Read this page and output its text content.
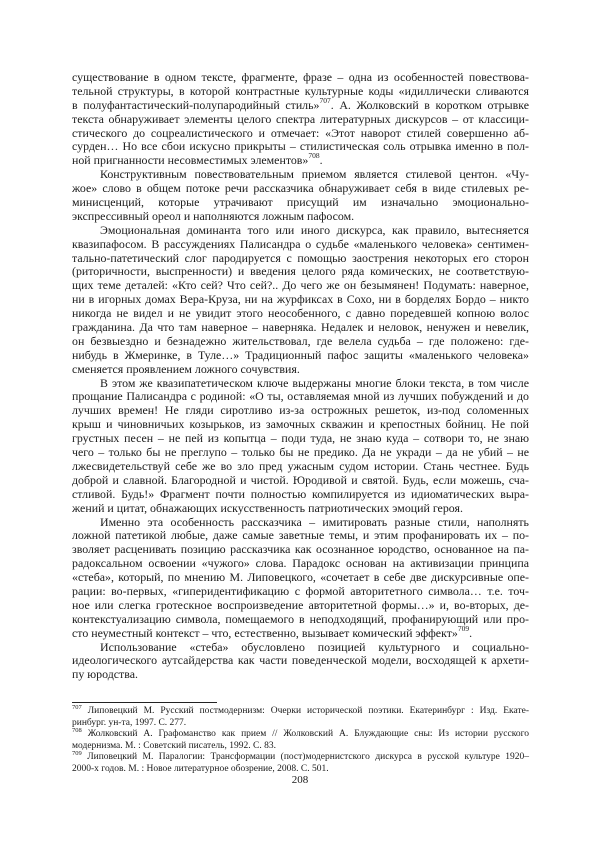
существование в одном тексте, фрагменте, фразе – одна из особенностей повествова-
тельной структуры, в которой контрастные культурные коды «идиллически сливаются
в полуфантастический-полупародийный стиль»$^{707}$. А. Жолковский в коротком отрывке
текста обнаруживает элементы целого спектра литературных дискурсов – от классици-
стического до соцреалистического и отмечает: «Этот наворот стилей совершенно аб-
сурден… Но все сбои искусно прикрыты – стилистическая соль отрывка именно в пол-
ной пригнанности несовместимых элементов»$^{708}$.
Конструктивным повествовательным приемом является стилевой центон. «Чу-
жое» слово в общем потоке речи рассказчика обнаруживает себя в виде стилевых ре-
минисценций, которые утрачивают присущий им изначально эмоционально-
экспрессивный ореол и наполняются ложным пафосом.
Эмоциональная доминанта того или иного дискурса, как правило, вытесняется
квазипафосом. В рассуждениях Палисандра о судьбе «маленького человека» сентимен-
тально-патетический слог пародируется с помощью заострения некоторых его сторон
(риторичности, выспренности) и введения целого ряда комических, не соответствую-
щих теме деталей: «Кто сей? Что сей?.. До чего же он безымянен! Подумать: наверное,
ни в игорных домах Вера-Круза, ни на журфиксах в Сохо, ни в борделях Бордо – никто
никогда не видел и не увидит этого неособенного, с давно поредевшей копною волос
гражданина. Да что там наверное – наверняка. Недалек и неловок, ненужен и невелик,
он безвыездно и безнадежно жительствовал, где велела судьба – где положено: где-
нибудь в Жмеринке, в Туле…» Традиционный пафос защиты «маленького человека»
сменяется проявлением ложного сочувствия.
В этом же квазипатетическом ключе выдержаны многие блоки текста, в том числе
прощание Палисандра с родиной: «О ты, оставляемая мной из лучших побуждений и до
лучших времен! Не гляди сиротливо из-за острожных решеток, из-под соломенных
крыш и чиновничьих козырьков, из замочных скважин и крепостных бойниц. Не пой
грустных песен – не пей из копытца – поди туда, не знаю куда – сотвори то, не знаю
чего – только бы не преглупо – только бы не предико. Да не укради – да не убий – не
лжесвидетельствуй себе же во зло пред ужасным судом истории. Стань честнее. Будь
доброй и славной. Благородной и чистой. Юродивой и святой. Будь, если можешь, сча-
стливой. Будь!» Фрагмент почти полностью компилируется из идиоматических выра-
жений и цитат, обнажающих искусственность патриотических эмоций героя.
Именно эта особенность рассказчика – имитировать разные стили, наполнять
ложной патетикой любые, даже самые заветные темы, и этим профанировать их – по-
зволяет расценивать позицию рассказчика как осознанное юродство, основанное на па-
радоксальном освоении «чужого» слова. Парадокс основан на активизации принципа
«стеба», который, по мнению М. Липовецкого, «сочетает в себе две дискурсивные опе-
рации: во-первых, «гиперидентификацию с формой авторитетного символа… т.е. точ-
ное или слегка гротескное воспроизведение авторитетной формы…» и, во-вторых, де-
контекстуализацию символа, помещаемого в неподходящий, профанирующий или про-
сто неуместный контекст – что, естественно, вызывает комический эффект»$^{709}$.
Использование «стеба» обусловлено позицией культурного и социально-
идеологического аутсайдерства как части поведенческой модели, восходящей к архети-
пу юродства.
$^{707}$ Липовецкий М. Русский постмодернизм: Очерки исторической поэтики. Екатеринбург : Изд. Екате-
ринбург. ун-та, 1997. С. 277.
$^{708}$ Жолковский А. Графоманство как прием // Жолковский А. Блуждающие сны: Из истории русского
модернизма. М. : Советский писатель, 1992. С. 83.
$^{709}$ Липовецкий М. Паралогии: Трансформации (пост)модернистского дискурса в русской культуре 1920–
2000-х годов. М. : Новое литературное обозрение, 2008. С. 501.
208
